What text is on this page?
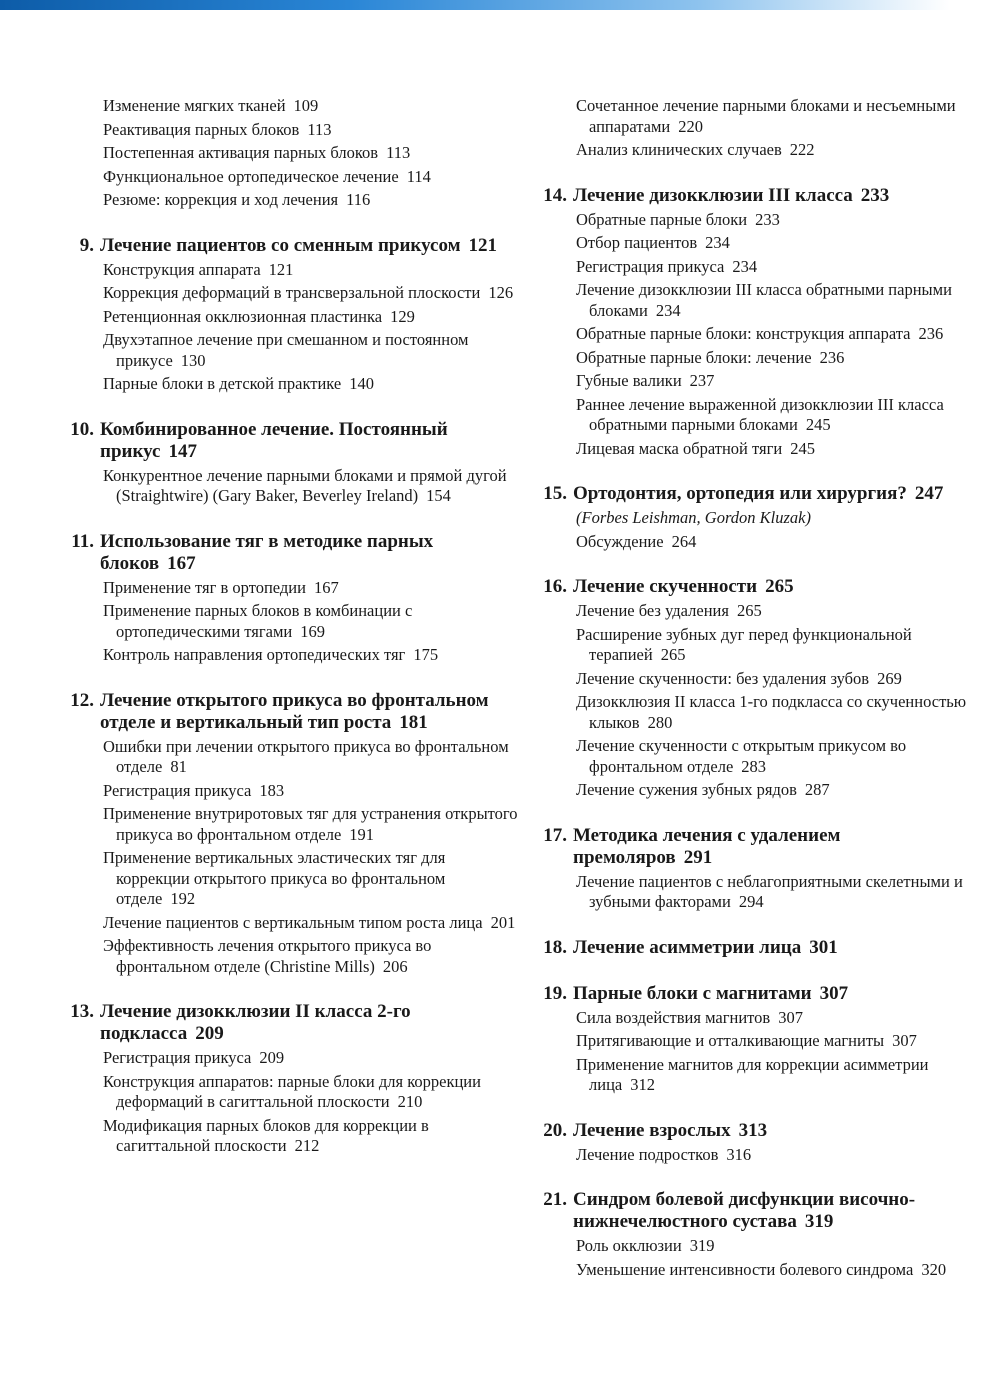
Изменение мягких тканей 109
Реактивация парных блоков 113
Постепенная активация парных блоков 113
Функциональное ортопедическое лечение 114
Резюме: коррекция и ход лечения 116
9. Лечение пациентов со сменным прикусом 121
Конструкция аппарата 121
Коррекция деформаций в трансверзальной плоскости 126
Ретенционная окклюзионная пластинка 129
Двухэтапное лечение при смешанном и постоянном прикусе 130
Парные блоки в детской практике 140
10. Комбинированное лечение. Постоянный прикус 147
Конкурентное лечение парными блоками и прямой дугой (Straightwire) (Gary Baker, Beverley Ireland) 154
11. Использование тяг в методике парных блоков 167
Применение тяг в ортопедии 167
Применение парных блоков в комбинации с ортопедическими тягами 169
Контроль направления ортопедических тяг 175
12. Лечение открытого прикуса во фронтальном отделе и вертикальный тип роста 181
Ошибки при лечении открытого прикуса во фронтальном отделе 81
Регистрация прикуса 183
Применение внутриротовых тяг для устранения открытого прикуса во фронтальном отделе 191
Применение вертикальных эластических тяг для коррекции открытого прикуса во фронтальном отделе 192
Лечение пациентов с вертикальным типом роста лица 201
Эффективность лечения открытого прикуса во фронтальном отделе (Christine Mills) 206
13. Лечение дизокклюзии II класса 2-го подкласса 209
Регистрация прикуса 209
Конструкция аппаратов: парные блоки для коррекции деформаций в сагиттальной плоскости 210
Модификация парных блоков для коррекции в сагиттальной плоскости 212
Сочетанное лечение парными блоками и несъемными аппаратами 220
Анализ клинических случаев 222
14. Лечение дизокклюзии III класса 233
Обратные парные блоки 233
Отбор пациентов 234
Регистрация прикуса 234
Лечение дизокклюзии III класса обратными парными блоками 234
Обратные парные блоки: конструкция аппарата 236
Обратные парные блоки: лечение 236
Губные валики 237
Раннее лечение выраженной дизокклюзии III класса обратными парными блоками 245
Лицевая маска обратной тяги 245
15. Ортодонтия, ортопедия или хирургия? 247
(Forbes Leishman, Gordon Kluzak)
Обсуждение 264
16. Лечение скученности 265
Лечение без удаления 265
Расширение зубных дуг перед функциональной терапией 265
Лечение скученности: без удаления зубов 269
Дизокклюзия II класса 1-го подкласса со скученностью клыков 280
Лечение скученности с открытым прикусом во фронтальном отделе 283
Лечение сужения зубных рядов 287
17. Методика лечения с удалением премоляров 291
Лечение пациентов с неблагоприятными скелетными и зубными факторами 294
18. Лечение асимметрии лица 301
19. Парные блоки с магнитами 307
Сила воздействия магнитов 307
Притягивающие и отталкивающие магниты 307
Применение магнитов для коррекции асимметрии лица 312
20. Лечение взрослых 313
Лечение подростков 316
21. Синдром болевой дисфункции височно-нижнечелюстного сустава 319
Роль окклюзии 319
Уменьшение интенсивности болевого синдрома 320
